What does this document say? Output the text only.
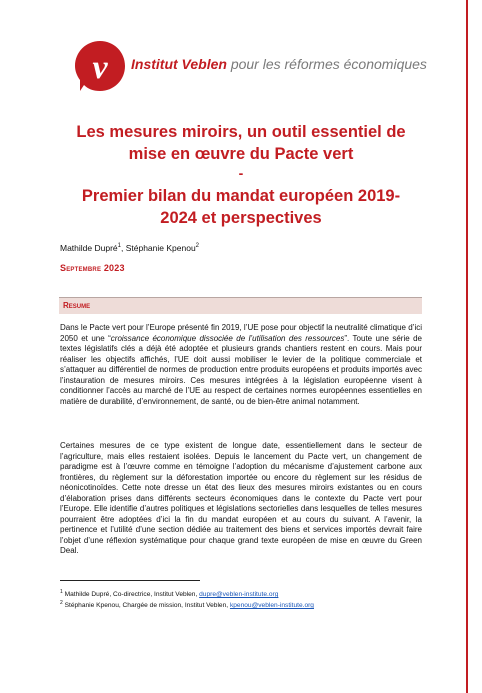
v Institut Veblen pour les réformes économiques
Les mesures miroirs, un outil essentiel de
mise en œuvre du Pacte vert
-
Premier bilan du mandat européen 2019-
2024 et perspectives
Mathilde Dupré$^1$, Stéphanie Kpenou$^2$
Septembre 2023
Resume
Dans le Pacte vert pour l’Europe présenté fin 2019, l’UE pose pour objectif la neutralité climatique d’ici 2050 et une “croissance économique dissociée de l’utilisation des ressources”. Toute une série de textes législatifs clés a déjà été adoptée et plusieurs grands chantiers restent en cours. Mais pour réaliser les objectifs affichés, l’UE doit aussi mobiliser le levier de la politique commerciale et s’attaquer au différentiel de normes de production entre produits européens et produits importés avec l’instauration de mesures miroirs. Ces mesures intégrées à la législation européenne visent à conditionner l’accès au marché de l’UE au respect de certaines normes européennes essentielles en matière de durabilité, d’environnement, de santé, ou de bien-être animal notamment.
Certaines mesures de ce type existent de longue date, essentiellement dans le secteur de l’agriculture, mais elles restaient isolées. Depuis le lancement du Pacte vert, un changement de paradigme est à l’œuvre comme en témoigne l’adoption du mécanisme d’ajustement carbone aux frontières, du règlement sur la déforestation importée ou encore du règlement sur les résidus de néonicotinoïdes. Cette note dresse un état des lieux des mesures miroirs existantes ou en cours d’élaboration prises dans différents secteurs économiques dans le contexte du Pacte vert pour l’Europe. Elle identifie d’autres politiques et législations sectorielles dans lesquelles de telles mesures pourraient être adoptées d’ici la fin du mandat européen et au cours du suivant. A l’avenir, la pertinence et l’utilité d’une section dédiée au traitement des biens et services importés devrait faire l’objet d’une réflexion systématique pour chaque grand texte européen de mise en œuvre du Green Deal.
$^1$ Mathilde Dupré, Co-directrice, Institut Veblen, dupre@veblen-institute.org
$^2$ Stéphanie Kpenou, Chargée de mission, Institut Veblen, kpenou@veblen-institute.org
